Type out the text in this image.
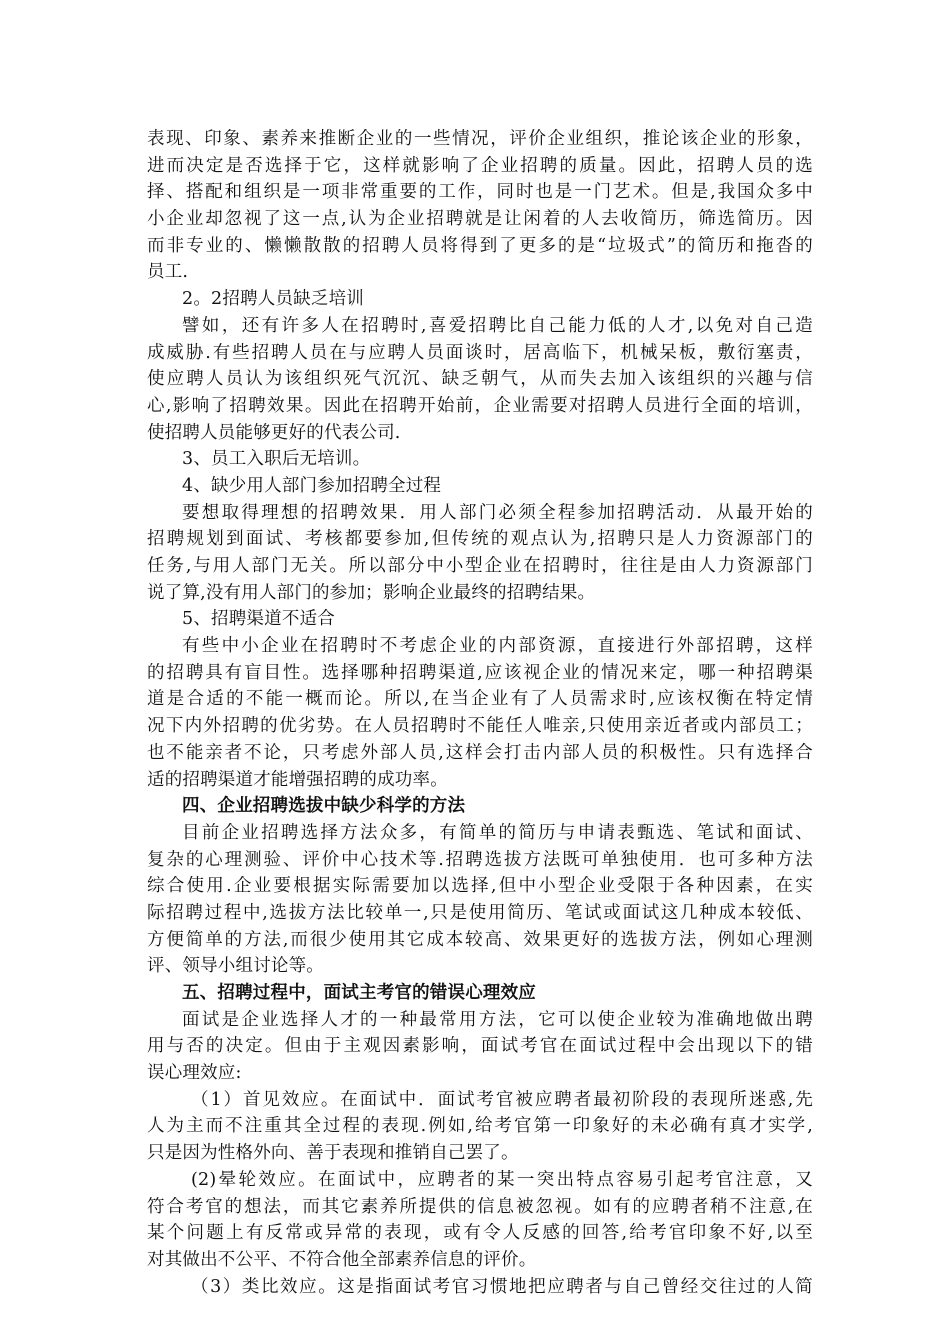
表现、印象、素养来推断企业的一些情况，评价企业组织，推论该企业的形象，
进而决定是否选择于它，这样就影响了企业招聘的质量。因此，招聘人员的选
择、搭配和组织是一项非常重要的工作，同时也是一门艺术。但是,我国众多中
小企业却忽视了这一点,认为企业招聘就是让闲着的人去收简历，筛选简历。因
而非专业的、懒懒散散的招聘人员将得到了更多的是“垃圾式”的简历和拖沓的
员工.
2。2招聘人员缺乏培训
譬如，还有许多人在招聘时,喜爱招聘比自己能力低的人才,以免对自己造
成威胁.有些招聘人员在与应聘人员面谈时，居高临下，机械呆板，敷衍塞责，
使应聘人员认为该组织死气沉沉、缺乏朝气，从而失去加入该组织的兴趣与信
心,影响了招聘效果。因此在招聘开始前，企业需要对招聘人员进行全面的培训，
使招聘人员能够更好的代表公司.
3、员工入职后无培训。
4、缺少用人部门参加招聘全过程
要想取得理想的招聘效果．用人部门必须全程参加招聘活动．从最开始的
招聘规划到面试、考核都要参加,但传统的观点认为,招聘只是人力资源部门的
任务,与用人部门无关。所以部分中小型企业在招聘时，往往是由人力资源部门
说了算,没有用人部门的参加；影响企业最终的招聘结果。
5、招聘渠道不适合
有些中小企业在招聘时不考虑企业的内部资源，直接进行外部招聘，这样
的招聘具有盲目性。选择哪种招聘渠道,应该视企业的情况来定，哪一种招聘渠
道是合适的不能一概而论。所以,在当企业有了人员需求时,应该权衡在特定情
况下内外招聘的优劣势。在人员招聘时不能任人唯亲,只使用亲近者或内部员工；
也不能亲者不论，只考虑外部人员,这样会打击内部人员的积极性。只有选择合
适的招聘渠道才能增强招聘的成功率。
四、企业招聘选拔中缺少科学的方法
目前企业招聘选择方法众多，有简单的简历与申请表甄选、笔试和面试、
复杂的心理测验、评价中心技术等.招聘选拔方法既可单独使用．也可多种方法
综合使用.企业要根据实际需要加以选择,但中小型企业受限于各种因素，在实
际招聘过程中,选拔方法比较单一,只是使用简历、笔试或面试这几种成本较低、
方便简单的方法,而很少使用其它成本较高、效果更好的选拔方法，例如心理测
评、领导小组讨论等。
五、招聘过程中，面试主考官的错误心理效应
面试是企业选择人才的一种最常用方法，它可以使企业较为准确地做出聘
用与否的决定。但由于主观因素影响，面试考官在面试过程中会出现以下的错
误心理效应:
（1）首见效应。在面试中．面试考官被应聘者最初阶段的表现所迷惑,先
人为主而不注重其全过程的表现.例如,给考官第一印象好的未必确有真才实学,
只是因为性格外向、善于表现和推销自己罢了。
(2)晕轮效应。在面试中，应聘者的某一突出特点容易引起考官注意，又
符合考官的想法，而其它素养所提供的信息被忽视。如有的应聘者稍不注意,在
某个问题上有反常或异常的表现，或有令人反感的回答,给考官印象不好,以至
对其做出不公平、不符合他全部素养信息的评价。
（3）类比效应。这是指面试考官习惯地把应聘者与自己曾经交往过的人简
